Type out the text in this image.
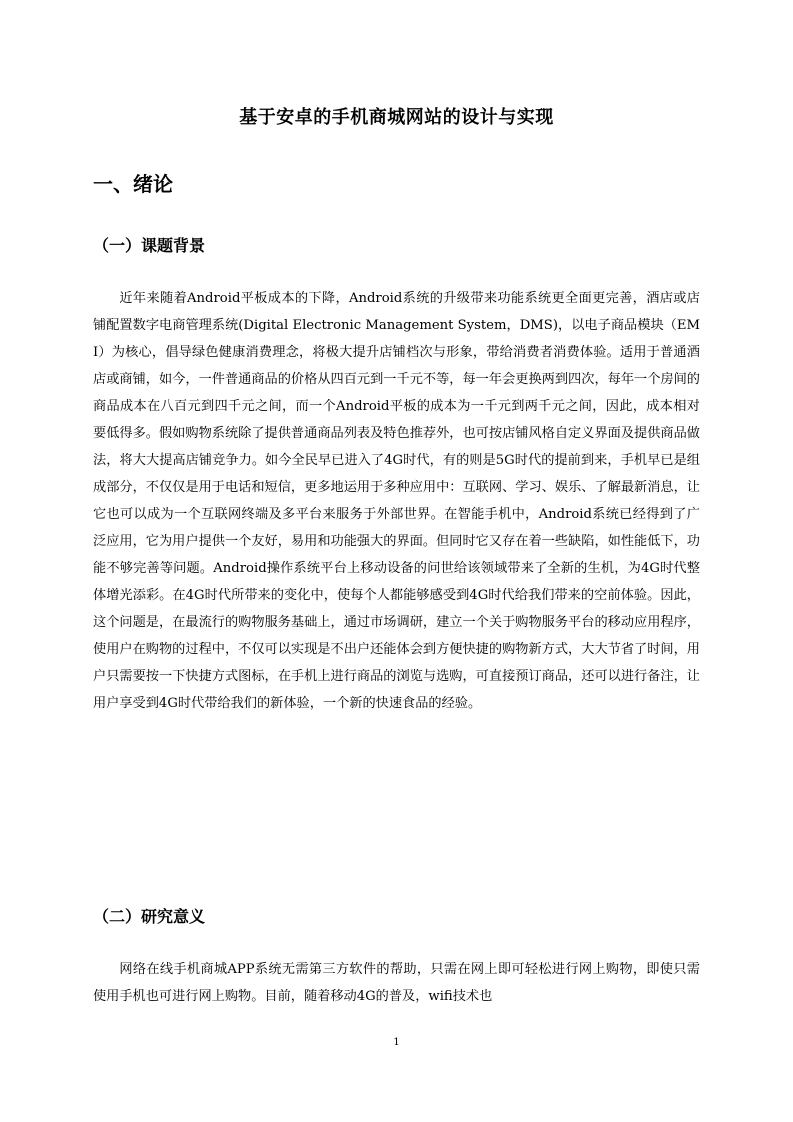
基于安卓的手机商城网站的设计与实现
一、绪论
（一）课题背景

近年来随着Android平板成本的下降，Android系统的升级带来功能系统更全面更完善，酒店或店铺配置数字电商管理系统(Digital Electronic Management System，DMS)，以电子商品模块（EMI）为核心，倡导绿色健康消费理念，将极大提升店铺档次与形象，带给消费者消费体验。适用于普通酒店或商铺，如今，一件普通商品的价格从四百元到一千元不等，每一年会更换两到四次，每年一个房间的商品成本在八百元到四千元之间，而一个Android平板的成本为一千元到两千元之间，因此，成本相对要低得多。假如购物系统除了提供普通商品列表及特色推荐外，也可按店铺风格自定义界面及提供商品做法，将大大提高店铺竞争力。如今全民早已进入了4G时代，有的则是5G时代的提前到来，手机早已是组成部分，不仅仅是用于电话和短信，更多地运用于多种应用中：互联网、学习、娱乐、了解最新消息，让它也可以成为一个互联网终端及多平台来服务于外部世界。在智能手机中，Android系统已经得到了广泛应用，它为用户提供一个友好，易用和功能强大的界面。但同时它又存在着一些缺陷，如性能低下，功能不够完善等问题。Android操作系统平台上移动设备的问世给该领域带来了全新的生机，为4G时代整体增光添彩。在4G时代所带来的变化中，使每个人都能够感受到4G时代给我们带来的空前体验。因此，这个问题是，在最流行的购物服务基础上，通过市场调研，建立一个关于购物服务平台的移动应用程序，使用户在购物的过程中，不仅可以实现是不出户还能体会到方便快捷的购物新方式，大大节省了时间，用户只需要按一下快捷方式图标，在手机上进行商品的浏览与选购，可直接预订商品，还可以进行备注，让用户享受到4G时代带给我们的新体验，一个新的快速食品的经验。

（二）研究意义

网络在线手机商城APP系统无需第三方软件的帮助，只需在网上即可轻松进行网上购物，即使只需使用手机也可进行网上购物。目前，随着移动4G的普及，wifi技术也

1
